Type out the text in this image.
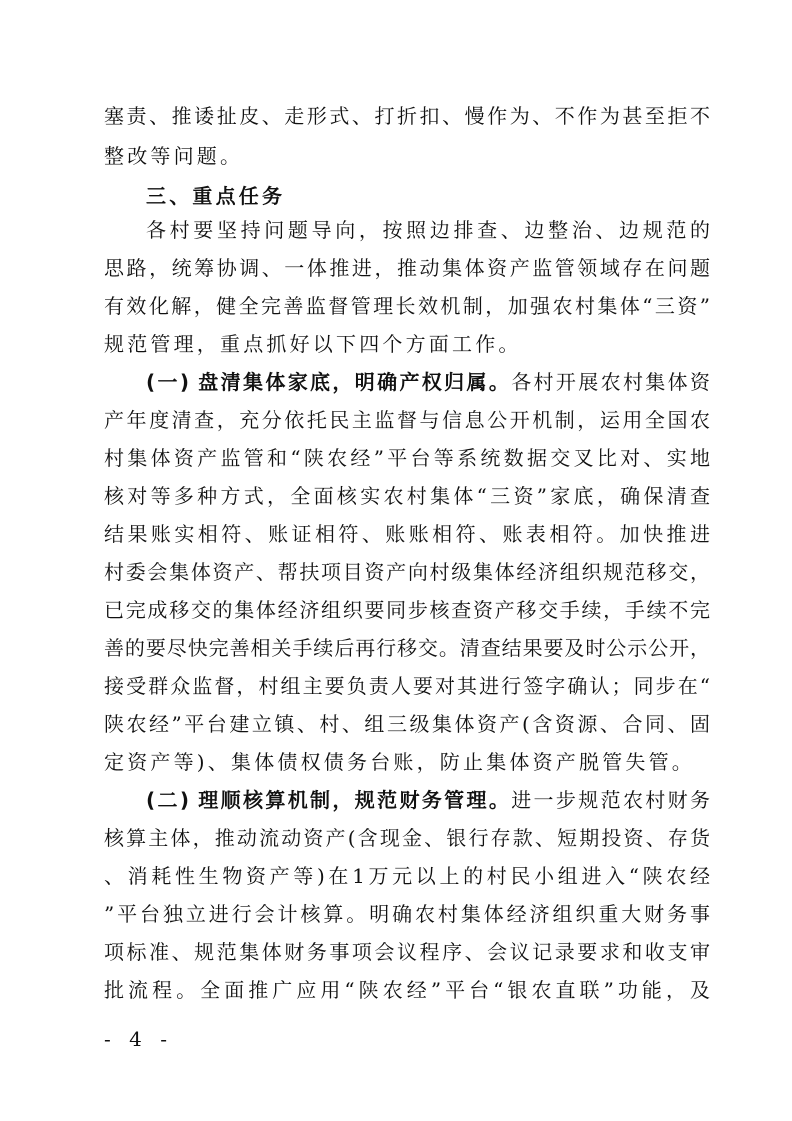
塞责、推诿扯皮、走形式、打折扣、慢作为、不作为甚至拒不
整改等问题。
三、重点任务
各村要坚持问题导向，按照边排查、边整治、边规范的
思路，统筹协调、一体推进，推动集体资产监管领域存在问题
有效化解，健全完善监督管理长效机制，加强农村集体“三资”
规范管理，重点抓好以下四个方面工作。
(一) 盘清集体家底，明确产权归属。各村开展农村集体资
产年度清查，充分依托民主监督与信息公开机制，运用全国农
村集体资产监管和“陕农经”平台等系统数据交叉比对、实地
核对等多种方式，全面核实农村集体“三资”家底，确保清查
结果账实相符、账证相符、账账相符、账表相符。加快推进
村委会集体资产、帮扶项目资产向村级集体经济组织规范移交，
已完成移交的集体经济组织要同步核查资产移交手续，手续不完
善的要尽快完善相关手续后再行移交。清查结果要及时公示公开，
接受群众监督，村组主要负责人要对其进行签字确认；同步在“
陕农经”平台建立镇、村、组三级集体资产(含资源、合同、固
定资产等)、集体债权债务台账，防止集体资产脱管失管。
(二) 理顺核算机制，规范财务管理。进一步规范农村财务
核算主体，推动流动资产(含现金、银行存款、短期投资、存货
、消耗性生物资产等)在1万元以上的村民小组进入“陕农经
”平台独立进行会计核算。明确农村集体经济组织重大财务事
项标准、规范集体财务事项会议程序、会议记录要求和收支审
批流程。全面推广应用“陕农经”平台“银农直联”功能，及
- 4 -
